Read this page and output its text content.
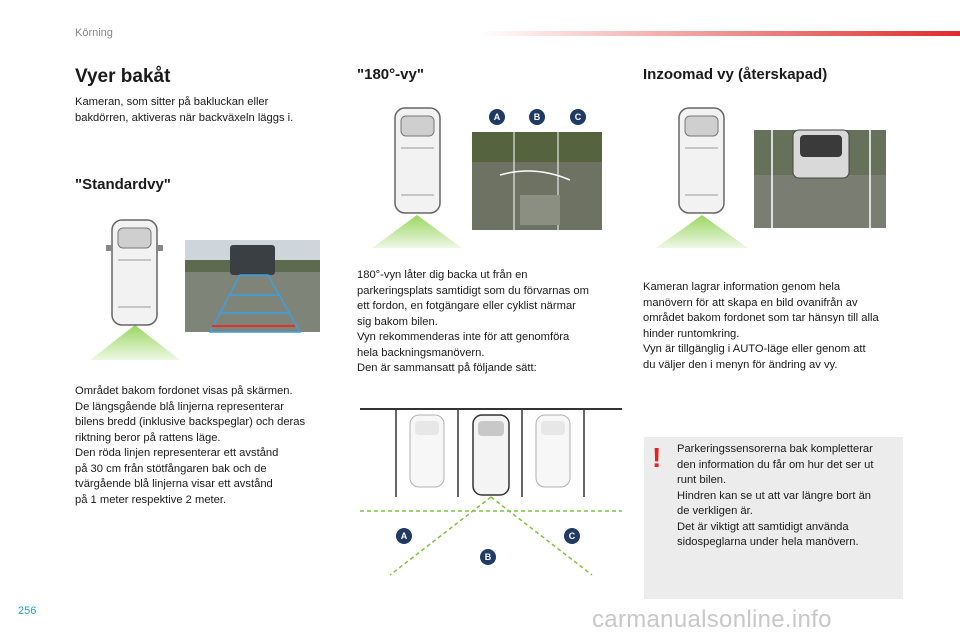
Körning
Vyer bakåt
Kameran, som sitter på bakluckan eller
bakdörren, aktiveras när backväxeln läggs i.
"Standardvy"
Området bakom fordonet visas på skärmen.
De längsgående blå linjerna representerar
bilens bredd (inklusive backspeglar) och deras
riktning beror på rattens läge.
Den röda linjen representerar ett avstånd
på 30 cm från stötfångaren bak och de
tvärgående blå linjerna visar ett avstånd
på 1 meter respektive 2 meter.
"180°-vy"
A	B	C
180°-vyn låter dig backa ut från en
parkeringsplats samtidigt som du förvarnas om
ett fordon, en fotgängare eller cyklist närmar
sig bakom bilen.
Vyn rekommenderas inte för att genomföra
hela backningsmanövern.
Den är sammansatt på följande sätt:
A
B
C
Inzoomad vy (återskapad)
Kameran lagrar information genom hela
manövern för att skapa en bild ovanifrån av
området bakom fordonet som tar hänsyn till alla
hinder runtomkring.
Vyn är tillgänglig i AUTO-läge eller genom att
du väljer den i menyn för ändring av vy.
! Parkeringssensorerna bak kompletterar
den information du får om hur det ser ut
runt bilen.
Hindren kan se ut att var längre bort än
de verkligen är.
Det är viktigt att samtidigt använda
sidospeglarna under hela manövern.
256	carmanualsonline.info
